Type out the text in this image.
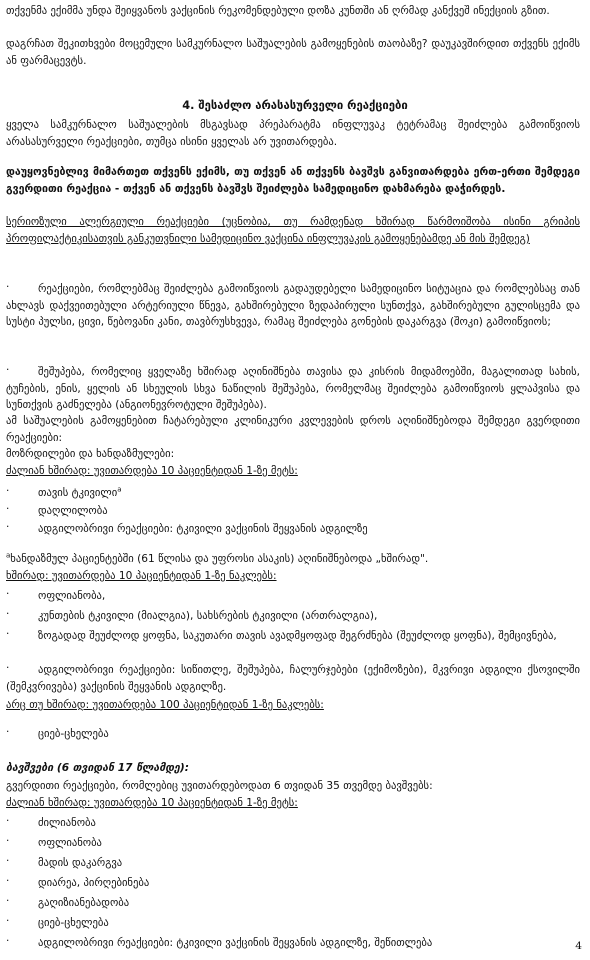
თქვენმა ექიმმა უნდა შეიყვანოს ვაქცინის რეკომენდებული დოზა კუნთში ან ღრმად კანქვეშ ინექციის გზით.
დაგრჩათ შეკითხვები მოცემული სამკურნალო საშუალების გამოყენების თაობაზე? დაუკავშირდით თქვენს ექიმს ან ფარმაცევტს.
4. შესაძლო არასასურველი რეაქციები
ყველა სამკურნალო საშუალების მსგავსად პრეპარატმა ინფლუვაკ ტეტრამაც შეიძლება გამოიწვიოს არასასურველი რეაქციები, თუმცა ისინი ყველას არ უვითარდება.
დაუყოვნებლივ მიმართეთ თქვენს ექიმს, თუ თქვენ ან თქვენს ბავშვს განვითარდება ერთ-ერთი შემდეგი გვერდითი რეაქცია - თქვენ ან თქვენს ბავშვს შეიძლება სამედიცინო დახმარება დაჭირდეს.
სერიოზული ალერგიული რეაქციები (უცნობია, თუ რამდენად ხშირად წარმოიშობა ისინი გრიპის პროფილაქტიკისათვის განკუთვნილი სამედიცინო ვაქცინა ინფლუვაკის გამოყენებამდე ან მის შემდეგ)
·	რეაქციები, რომლებმაც შეიძლება გამოიწვიოს გადაუდებელი სამედიცინო სიტუაცია და რომლებსაც თან ახლავს დაქვეითებული არტერიული წნევა, გახშირებული ზედაპირული სუნთქვა, გახშირებული გულისცემა და სუსტი პულსი, ცივი, წებოვანი კანი, თავბრუსხვევა, რამაც შეიძლება გონების დაკარგვა (შოკი) გამოიწვიოს;
·	შეშუპება, რომელიც ყველაზე ხშირად აღინიშნება თავისა და კისრის მიდამოებში, მაგალითად სახის, ტუჩების, ენის, ყელის ან სხეულის სხვა ნაწილის შეშუპება, რომელმაც შეიძლება გამოიწვიოს ყლაპვისა და სუნთქვის გაძნელება (ანგიონევროტული შეშუპება).
ამ საშუალების გამოყენებით ჩატარებული კლინიკური კვლევების დროს აღინიშნებოდა შემდეგი გვერდითი რეაქციები:
მოზრდილები და ხანდაზმულები:
ძალიან ხშირად: უვითარდება 10 პაციენტიდან 1-ზე მეტს:
·	თავის ტკივილი$^a$
·	დაღლილობა
·	ადგილობრივი რეაქციები: ტკივილი ვაქცინის შეყვანის ადგილზე
$^a$ხანდაზმულ პაციენტებში (61 წლისა და უფროსი ასაკის) აღინიშნებოდა „ხშირად".
ხშირად: უვითარდება 10 პაციენტიდან 1-ზე ნაკლებს:
·	ოფლიანობა,
·	კუნთების ტკივილი (მიალგია), სახსრების ტკივილი (ართრალგია),
·	ზოგადად შეუძლოდ ყოფნა, საკუთარი თავის ავადმყოფად შეგრძნება (შეუძლოდ ყოფნა), შემცივნება,
·	ადგილობრივი რეაქციები: სიწითლე, შეშუპება, ჩალურჯებები (ექიმოზები), მკვრივი ადგილი ქსოვილში (შემკვრივება) ვაქცინის შეყვანის ადგილზე.
არც თუ ხშირად: უვითარდება 100 პაციენტიდან 1-ზე ნაკლებს:
·	ციებ-ცხელება
ბავშვები (6 თვიდან 17 წლამდე):
გვერდითი რეაქციები, რომლებიც უვითარდებოდათ 6 თვიდან 35 თვემდე ბავშვებს:
ძალიან ხშირად: უვითარდება 10 პაციენტიდან 1-ზე მეტს:
·	ძილიანობა
·	ოფლიანობა
·	მადის დაკარგვა
·	დიარეა, პირღებინება
·	გაღიზიანებადობა
·	ციებ-ცხელება
·	ადგილობრივი რეაქციები: ტკივილი ვაქცინის შეყვანის ადგილზე, შეწითლება	4
